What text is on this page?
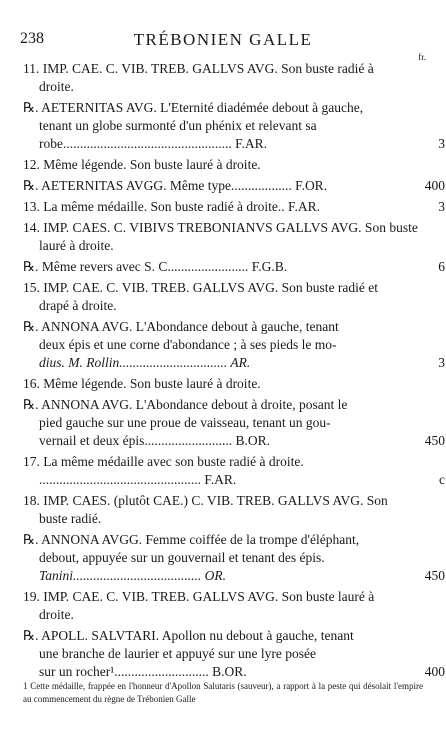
238	TRÉBONIEN GALLE
fr.
11. IMP. CAE. C. VIB. TREB. GALLVS AVG. Son buste radié à
droite.
℞. AETERNITAS AVG. L'Eternité diadémée debout à gauche,
tenant un globe surmonté d'un phénix et relevant sa
robe.................................................. F.AR.	3
12. Même légende. Son buste lauré à droite.
℞. AETERNITAS AVGG. Même type.................. F.OR.	400
13. La même médaille. Son buste radié à droite.. F.AR.	3
14. IMP. CAES. C. VIBIVS TREBONIANVS GALLVS AVG. Son buste
lauré à droite.
℞. Même revers avec S. C........................ F.G.B.	6
15. IMP. CAE. C. VIB. TREB. GALLVS AVG. Son buste radié et
drapé à droite.
℞. ANNONA AVG. L'Abondance debout à gauche, tenant
deux épis et une corne d'abondance ; à ses pieds le mo-
dius. M. Rollin................................ AR.	3
16. Même légende. Son buste lauré à droite.
℞. ANNONA AVG. L'Abondance debout à droite, posant le
pied gauche sur une proue de vaisseau, tenant un gou-
vernail et deux épis.......................... B.OR.	450
17. La même médaille avec son buste radié à droite.
................................................ F.AR.	c
18. IMP. CAES. (plutôt CAE.) C. VIB. TREB. GALLVS AVG. Son
buste radié.
℞. ANNONA AVGG. Femme coiffée de la trompe d'éléphant,
debout, appuyée sur un gouvernail et tenant des épis.
Tanini...................................... OR.	450
19. IMP. CAE. C. VIB. TREB. GALLVS AVG. Son buste lauré à
droite.
℞. APOLL. SALVTARI. Apollon nu debout à gauche, tenant
une branche de laurier et appuyé sur une lyre posée
sur un rocher¹............................ B.OR.	400
1 Cette médaille, frappée en l'honneur d'Apollon Salutaris (sauveur), a rapport à la peste qui désolait l'empire au commencement du règne de Trébonien Galle
